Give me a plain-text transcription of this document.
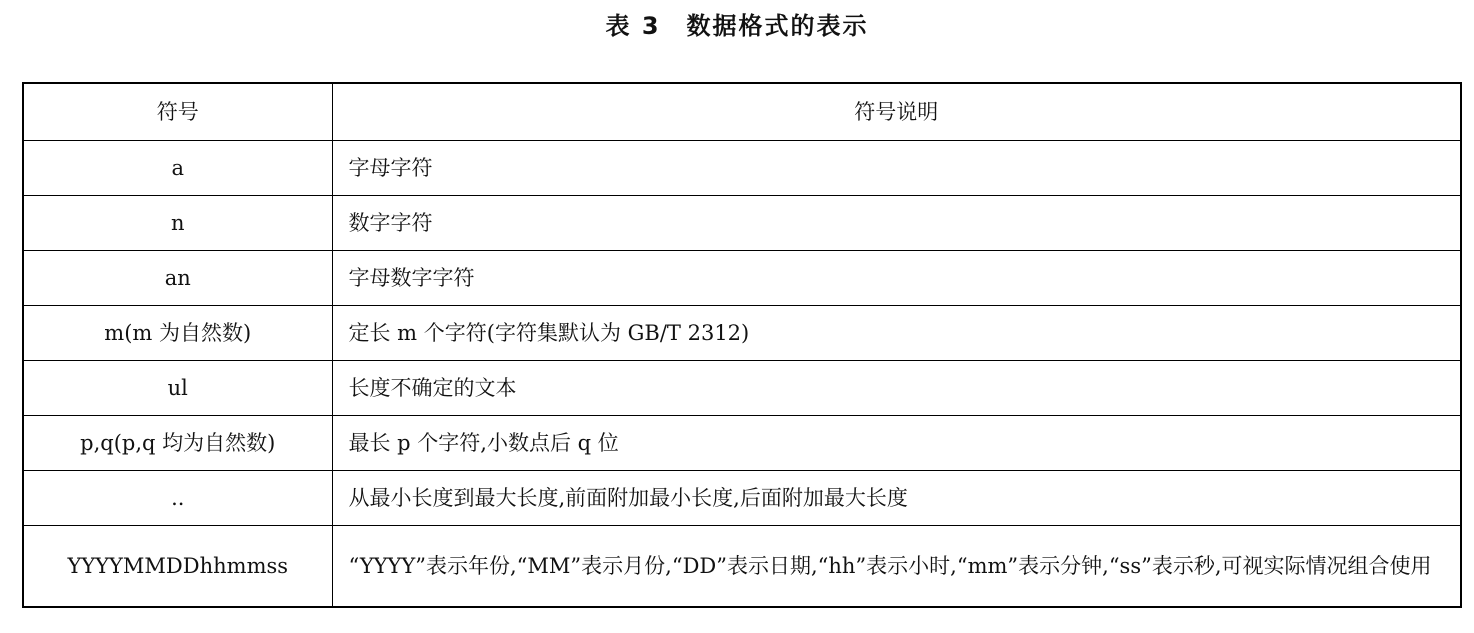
表 3　数据格式的表示
符号	符号说明
a	字母字符
n	数字字符
an	字母数字字符
m(m 为自然数)	定长 m 个字符(字符集默认为 GB/T 2312)
ul	长度不确定的文本
p,q(p,q 均为自然数)	最长 p 个字符,小数点后 q 位
..	从最小长度到最大长度,前面附加最小长度,后面附加最大长度
YYYYMMDDhhmmss	“YYYY”表示年份,“MM”表示月份,“DD”表示日期,“hh”表示小时,“mm”表示分钟,“ss”表示秒,可视实际情况组合使用
